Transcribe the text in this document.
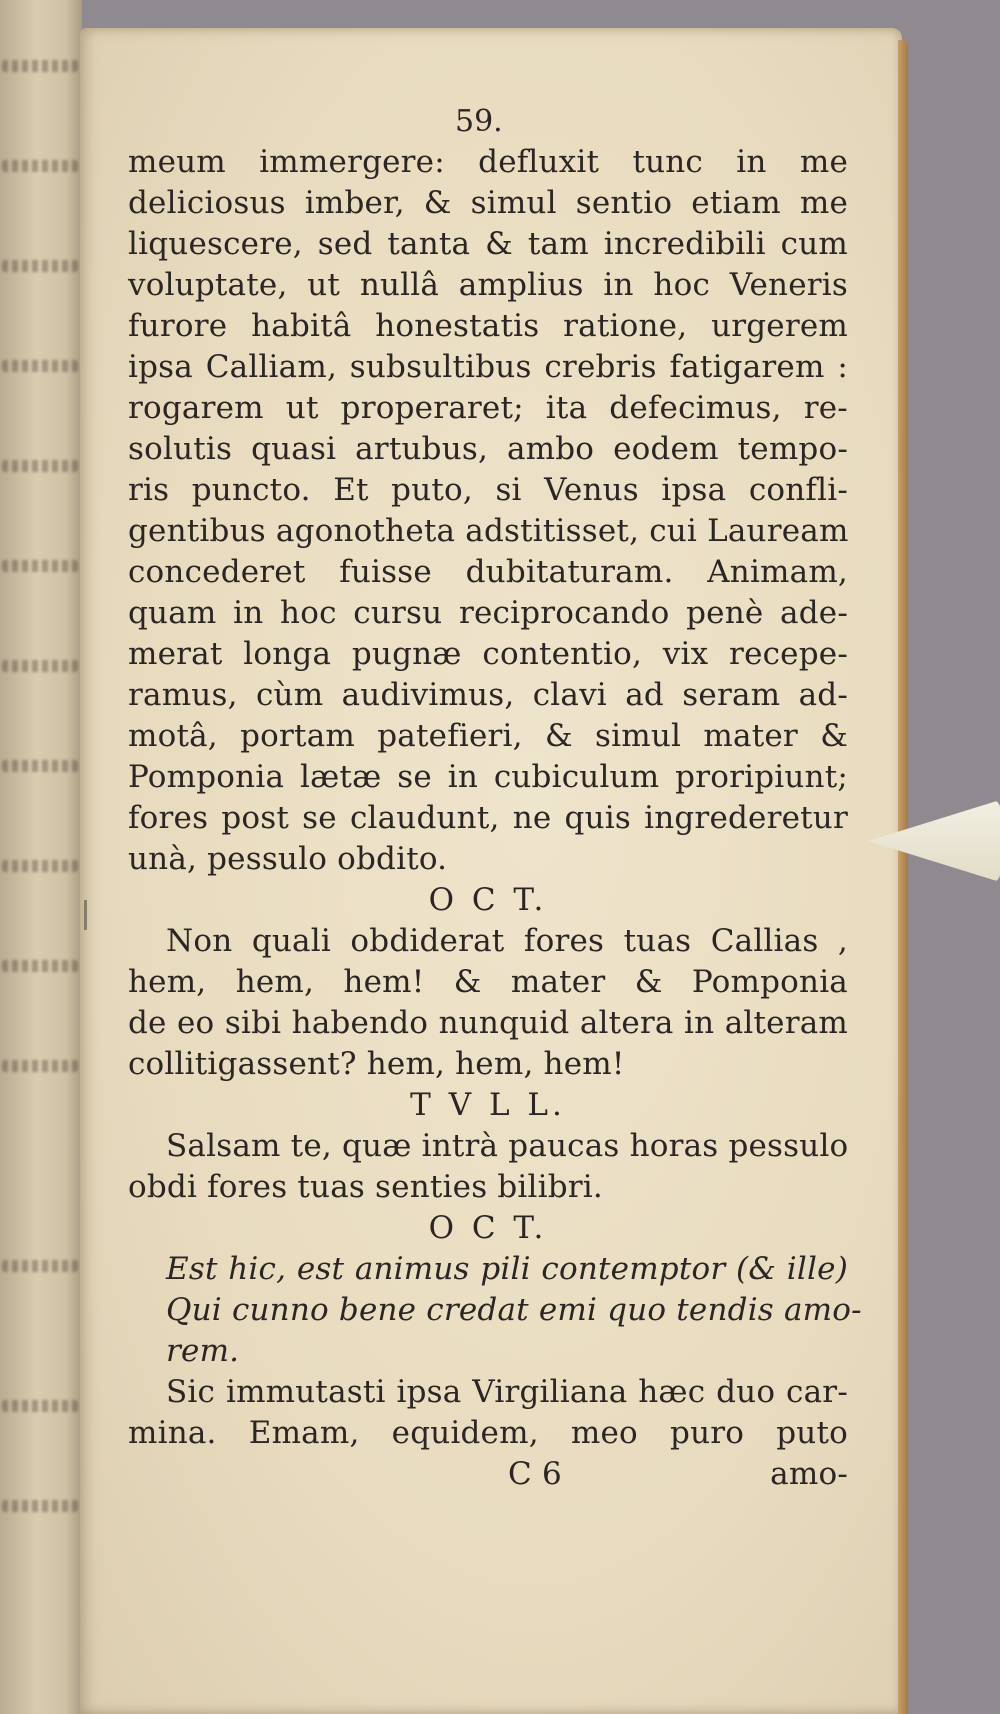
59.
meum immergere: defluxit tunc in me
deliciosus imber, & simul sentio etiam me
liquescere, sed tanta & tam incredibili cum
voluptate, ut nullâ amplius in hoc Veneris
furore habitâ honestatis ratione, urgerem
ipsa Calliam, subsultibus crebris fatigarem :
rogarem ut properaret; ita defecimus, re-
solutis quasi artubus, ambo eodem tempo-
ris puncto. Et puto, si Venus ipsa confli-
gentibus agonotheta adstitisset, cui Lauream
concederet fuisse dubitaturam. Animam,
quam in hoc cursu reciprocando penè ade-
merat longa pugnæ contentio, vix recepe-
ramus, cùm audivimus, clavi ad seram ad-
motâ, portam patefieri, & simul mater &
Pomponia lætæ se in cubiculum proripiunt;
fores post se claudunt, ne quis ingrederetur
unà, pessulo obdito.
O C T.
Non quali obdiderat fores tuas Callias ,
hem, hem, hem! & mater & Pomponia
de eo sibi habendo nunquid altera in alteram
collitigassent? hem, hem, hem!
T V L L.
Salsam te, quæ intrà paucas horas pessulo
obdi fores tuas senties bilibri.
O C T.
Est hic, est animus pili contemptor (& ille)
Qui cunno bene credat emi quo tendis amo-
rem.
Sic immutasti ipsa Virgiliana hæc duo car-
mina. Emam, equidem, meo puro puto
C 6	amo-
